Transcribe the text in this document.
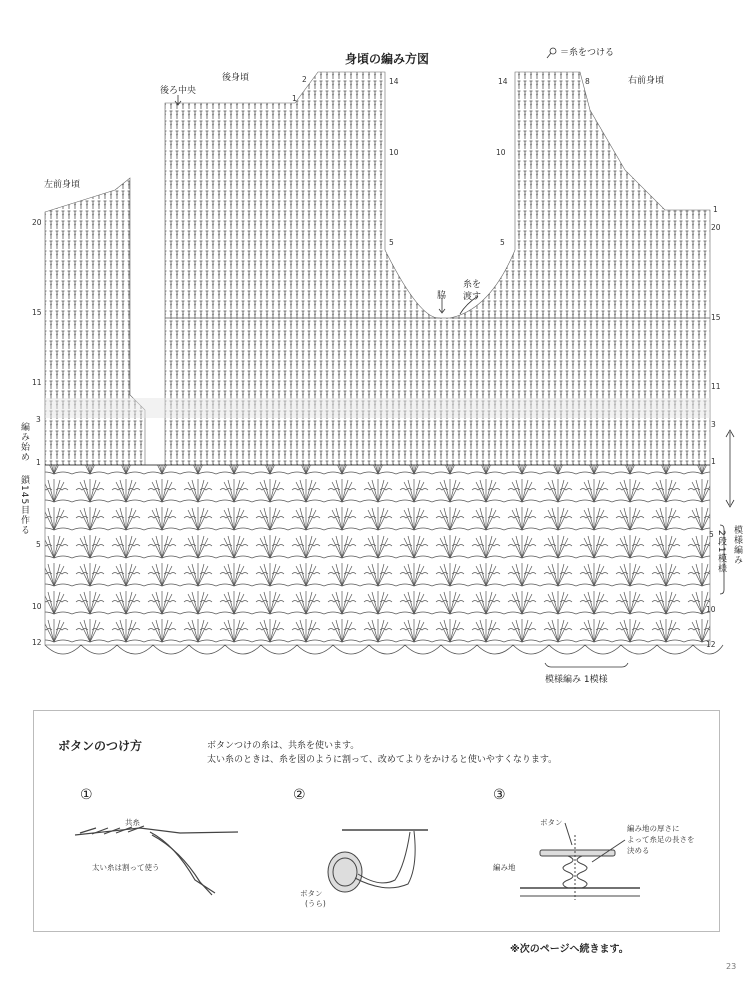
身頃の編み方図	＝糸をつける
後ろ中央
後身頃
左前身頃
右前身頃
脇
糸を
渡す
編み始め
鎖145目作る
模様編み
2段1模様
模様編み 1模様
2	14
1
10
5
14	8
10
5
1
20
20
15
11
3
1
5
10
12
15
11
3
1
5
10
12
ボタンのつけ方	ボタンつけの糸は、共糸を使います。
太い糸のときは、糸を図のように割って、改めてよりをかけると使いやすくなります。
①
共糸
太い糸は割って使う
②
ボタン
(うら)
③
ボタン
編み地の厚さに
よって糸足の長さを
決める
編み地
※次のページへ続きます。
23
